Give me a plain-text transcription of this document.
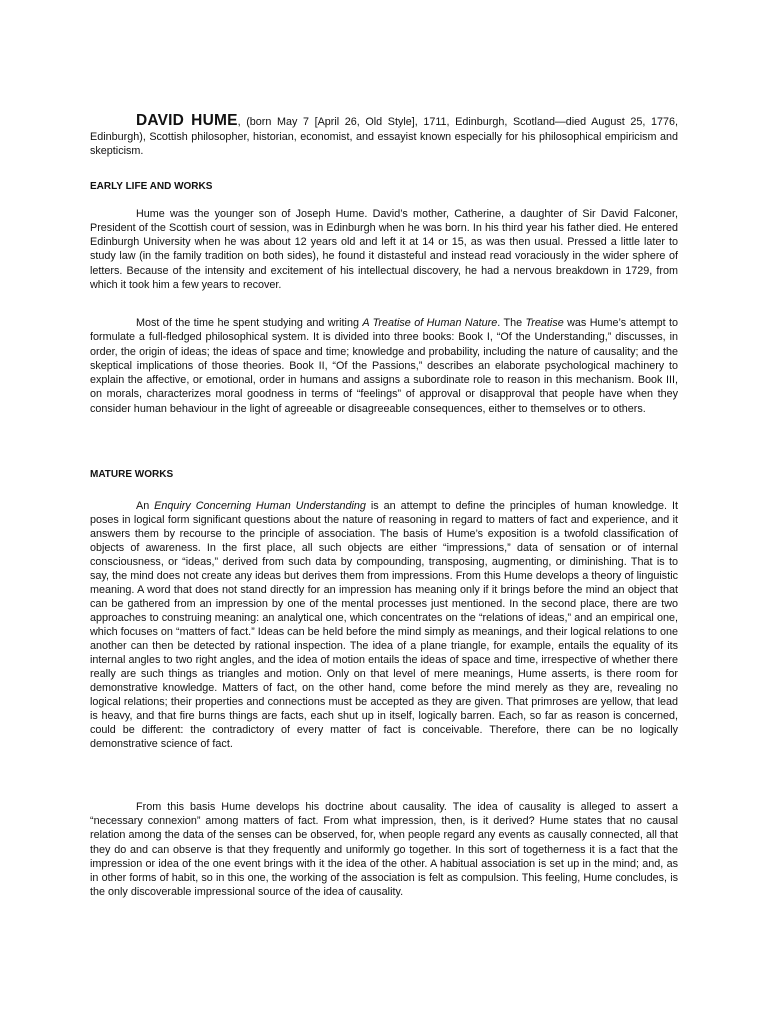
DAVID HUME, (born May 7 [April 26, Old Style], 1711, Edinburgh, Scotland—died August 25, 1776, Edinburgh), Scottish philosopher, historian, economist, and essayist known especially for his philosophical empiricism and skepticism.

EARLY LIFE AND WORKS

Hume was the younger son of Joseph Hume. David’s mother, Catherine, a daughter of Sir David Falconer, President of the Scottish court of session, was in Edinburgh when he was born. In his third year his father died. He entered Edinburgh University when he was about 12 years old and left it at 14 or 15, as was then usual. Pressed a little later to study law (in the family tradition on both sides), he found it distasteful and instead read voraciously in the wider sphere of letters. Because of the intensity and excitement of his intellectual discovery, he had a nervous breakdown in 1729, from which it took him a few years to recover.

Most of the time he spent studying and writing A Treatise of Human Nature. The Treatise was Hume’s attempt to formulate a full-fledged philosophical system. It is divided into three books: Book I, “Of the Understanding,” discusses, in order, the origin of ideas; the ideas of space and time; knowledge and probability, including the nature of causality; and the skeptical implications of those theories. Book II, “Of the Passions,” describes an elaborate psychological machinery to explain the affective, or emotional, order in humans and assigns a subordinate role to reason in this mechanism. Book III, on morals, characterizes moral goodness in terms of “feelings” of approval or disapproval that people have when they consider human behaviour in the light of agreeable or disagreeable consequences, either to themselves or to others.

MATURE WORKS

An Enquiry Concerning Human Understanding is an attempt to define the principles of human knowledge. It poses in logical form significant questions about the nature of reasoning in regard to matters of fact and experience, and it answers them by recourse to the principle of association. The basis of Hume’s exposition is a twofold classification of objects of awareness. In the first place, all such objects are either “impressions,” data of sensation or of internal consciousness, or “ideas,” derived from such data by compounding, transposing, augmenting, or diminishing. That is to say, the mind does not create any ideas but derives them from impressions. From this Hume develops a theory of linguistic meaning. A word that does not stand directly for an impression has meaning only if it brings before the mind an object that can be gathered from an impression by one of the mental processes just mentioned. In the second place, there are two approaches to construing meaning: an analytical one, which concentrates on the “relations of ideas,” and an empirical one, which focuses on “matters of fact.” Ideas can be held before the mind simply as meanings, and their logical relations to one another can then be detected by rational inspection. The idea of a plane triangle, for example, entails the equality of its internal angles to two right angles, and the idea of motion entails the ideas of space and time, irrespective of whether there really are such things as triangles and motion. Only on that level of mere meanings, Hume asserts, is there room for demonstrative knowledge. Matters of fact, on the other hand, come before the mind merely as they are, revealing no logical relations; their properties and connections must be accepted as they are given. That primroses are yellow, that lead is heavy, and that fire burns things are facts, each shut up in itself, logically barren. Each, so far as reason is concerned, could be different: the contradictory of every matter of fact is conceivable. Therefore, there can be no logically demonstrative science of fact.

From this basis Hume develops his doctrine about causality. The idea of causality is alleged to assert a “necessary connexion” among matters of fact. From what impression, then, is it derived? Hume states that no causal relation among the data of the senses can be observed, for, when people regard any events as causally connected, all that they do and can observe is that they frequently and uniformly go together. In this sort of togetherness it is a fact that the impression or idea of the one event brings with it the idea of the other. A habitual association is set up in the mind; and, as in other forms of habit, so in this one, the working of the association is felt as compulsion. This feeling, Hume concludes, is the only discoverable impressional source of the idea of causality.
